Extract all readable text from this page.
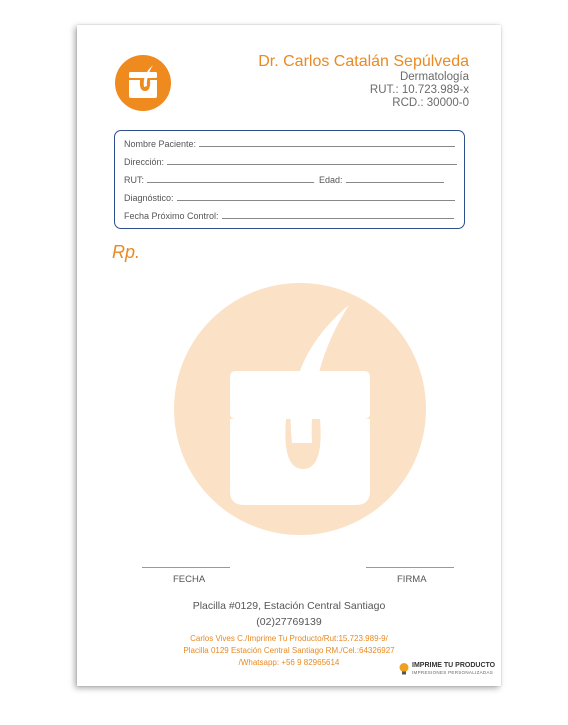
Dr. Carlos Catalán Sepúlveda
Dermatología
RUT.: 10.723.989-x
RCD.: 30000-0
Nombre Paciente:
Dirección:
RUT:	Edad:
Diagnóstico:
Fecha Próximo Control:
Rp.
FECHA	FIRMA
Placilla #0129, Estación Central Santiago
(02)27769139
Carlos Vives C./Imprime Tu Producto/Rut:15.723.989-9/
Placilla 0129 Estación Central Santiago RM./Cel.:64326927
/Whatsapp: +56 9 82965614	IMPRIME TU PRODUCTO
IMPRESIONES PERSONALIZADAS
